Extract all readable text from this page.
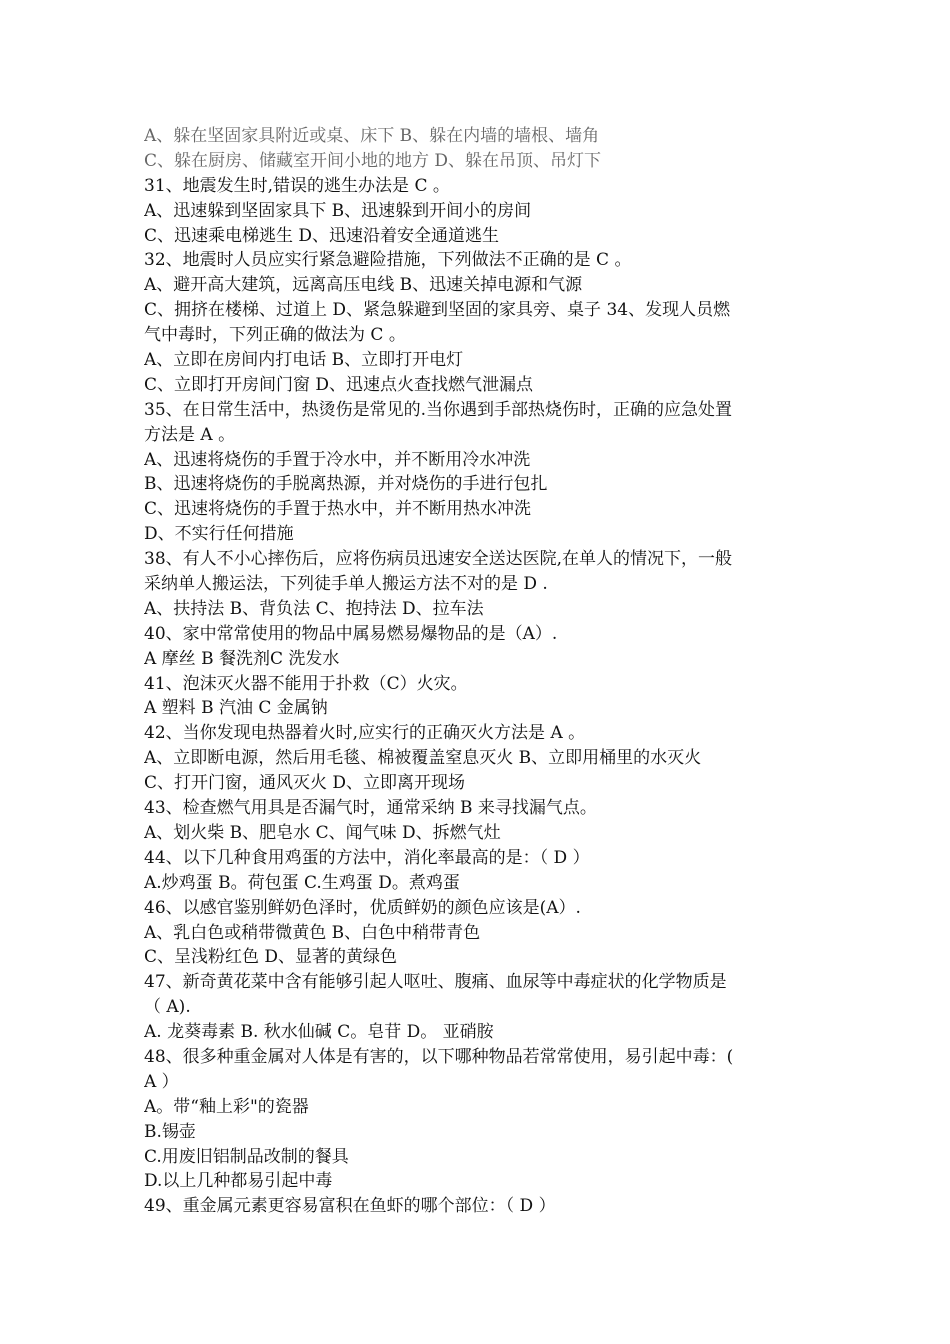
A、躲在坚固家具附近或桌、床下 B、躲在内墙的墙根、墙角
C、躲在厨房、储藏室开间小地的地方 D、躲在吊顶、吊灯下
31、地震发生时,错误的逃生办法是 C 。
A、迅速躲到坚固家具下 B、迅速躲到开间小的房间
C、迅速乘电梯逃生 D、迅速沿着安全通道逃生
32、地震时人员应实行紧急避险措施，下列做法不正确的是 C 。
A、避开高大建筑，远离高压电线 B、迅速关掉电源和气源
C、拥挤在楼梯、过道上 D、紧急躲避到坚固的家具旁、桌子 34、发现人员燃
气中毒时，下列正确的做法为 C 。
A、立即在房间内打电话 B、立即打开电灯
C、立即打开房间门窗 D、迅速点火查找燃气泄漏点
35、在日常生活中，热烫伤是常见的.当你遇到手部热烧伤时，正确的应急处置
方法是 A 。
A、迅速将烧伤的手置于冷水中，并不断用冷水冲洗
B、迅速将烧伤的手脱离热源，并对烧伤的手进行包扎
C、迅速将烧伤的手置于热水中，并不断用热水冲洗
D、不实行任何措施
38、有人不小心摔伤后，应将伤病员迅速安全送达医院,在单人的情况下，一般
采纳单人搬运法，下列徒手单人搬运方法不对的是 D .
A、扶持法 B、背负法 C、抱持法 D、拉车法
40、家中常常使用的物品中属易燃易爆物品的是（A）.
A 摩丝 B 餐洗剂C 洗发水
41、泡沫灭火器不能用于扑救（C）火灾。
A 塑料 B 汽油 C 金属钠
42、当你发现电热器着火时,应实行的正确灭火方法是 A 。
A、立即断电源，然后用毛毯、棉被覆盖窒息灭火 B、立即用桶里的水灭火
C、打开门窗，通风灭火 D、立即离开现场
43、检查燃气用具是否漏气时，通常采纳 B 来寻找漏气点。
A、划火柴 B、肥皂水 C、闻气味 D、拆燃气灶
44、以下几种食用鸡蛋的方法中，消化率最高的是：（ D ）
A.炒鸡蛋 B。荷包蛋 C.生鸡蛋 D。煮鸡蛋
46、以感官鉴别鲜奶色泽时，优质鲜奶的颜色应该是(A）.
A、乳白色或稍带微黄色 B、白色中稍带青色
C、呈浅粉红色 D、显著的黄绿色
47、新奇黄花菜中含有能够引起人呕吐、腹痛、血尿等中毒症状的化学物质是
（ A).
A. 龙葵毒素 B. 秋水仙碱 C。皂苷 D。 亚硝胺
48、很多种重金属对人体是有害的，以下哪种物品若常常使用，易引起中毒：(
A ）
A。带“釉上彩"的瓷器
B.锡壶
C.用废旧铝制品改制的餐具
D.以上几种都易引起中毒
49、重金属元素更容易富积在鱼虾的哪个部位：（ D ）
